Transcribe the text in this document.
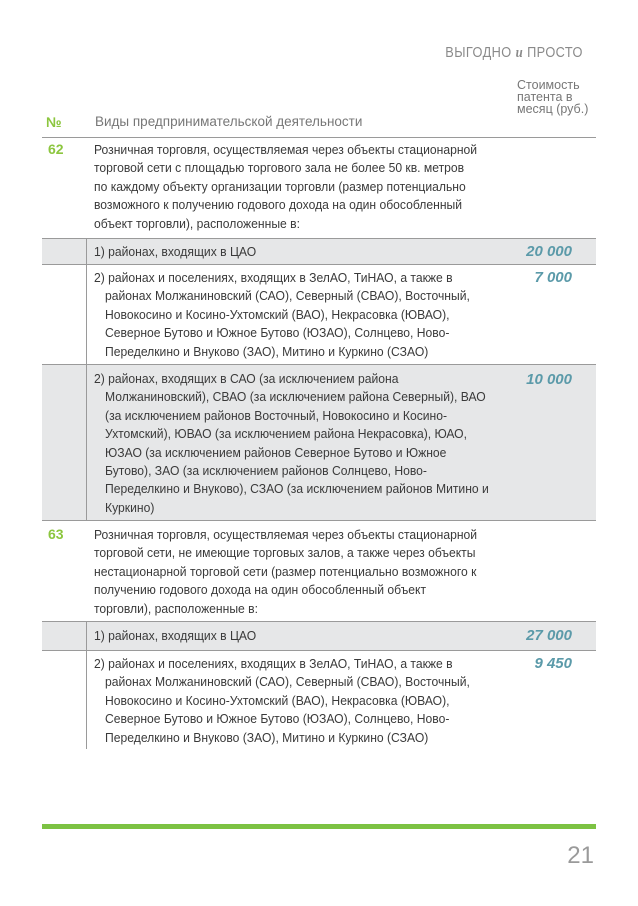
ВЫГОДНО и ПРОСТО
№ Виды предпринимательской деятельности
Стоимость патента в месяц (руб.)
62 Розничная торговля, осуществляемая через объекты стационарной торговой сети с площадью торгового зала не более 50 кв. метров по каждому объекту организации торговли (размер потенциально возможного к получению годового дохода на один обособленный объект торговли), расположенные в:
1) районах, входящих в ЦАО	20 000
2) районах и поселениях, входящих в ЗелАО, ТиНАО, а также в районах Молжаниновский (САО), Северный (СВАО), Восточный, Новокосино и Косино-Ухтомский (ВАО), Некрасовка (ЮВАО), Северное Бутово и Южное Бутово (ЮЗАО), Солнцево, Ново-Переделкино и Внуково (ЗАО), Митино и Куркино (СЗАО)
7 000
2) районах, входящих в САО (за исключением района Молжаниновский), СВАО (за исключением района Северный), ВАО (за исключением районов Восточный, Новокосино и Косино-Ухтомский), ЮВАО (за исключением района Некрасовка), ЮАО, ЮЗАО (за исключением районов Северное Бутово и Южное Бутово), ЗАО (за исключением районов Солнцево, Ново-Переделкино и Внуково), СЗАО (за исключением районов Митино и Куркино)
10 000
63 Розничная торговля, осуществляемая через объекты стационарной торговой сети, не имеющие торговых залов, а также через объекты нестационарной торговой сети (размер потенциально возможного к получению годового дохода на один обособленный объект торговли), расположенные в:
1) районах, входящих в ЦАО	27 000
2) районах и поселениях, входящих в ЗелАО, ТиНАО, а также в районах Молжаниновский (САО), Северный (СВАО), Восточный, Новокосино и Косино-Ухтомский (ВАО), Некрасовка (ЮВАО), Северное Бутово и Южное Бутово (ЮЗАО), Солнцево, Ново-Переделкино и Внуково (ЗАО), Митино и Куркино (СЗАО)
9 450
21
